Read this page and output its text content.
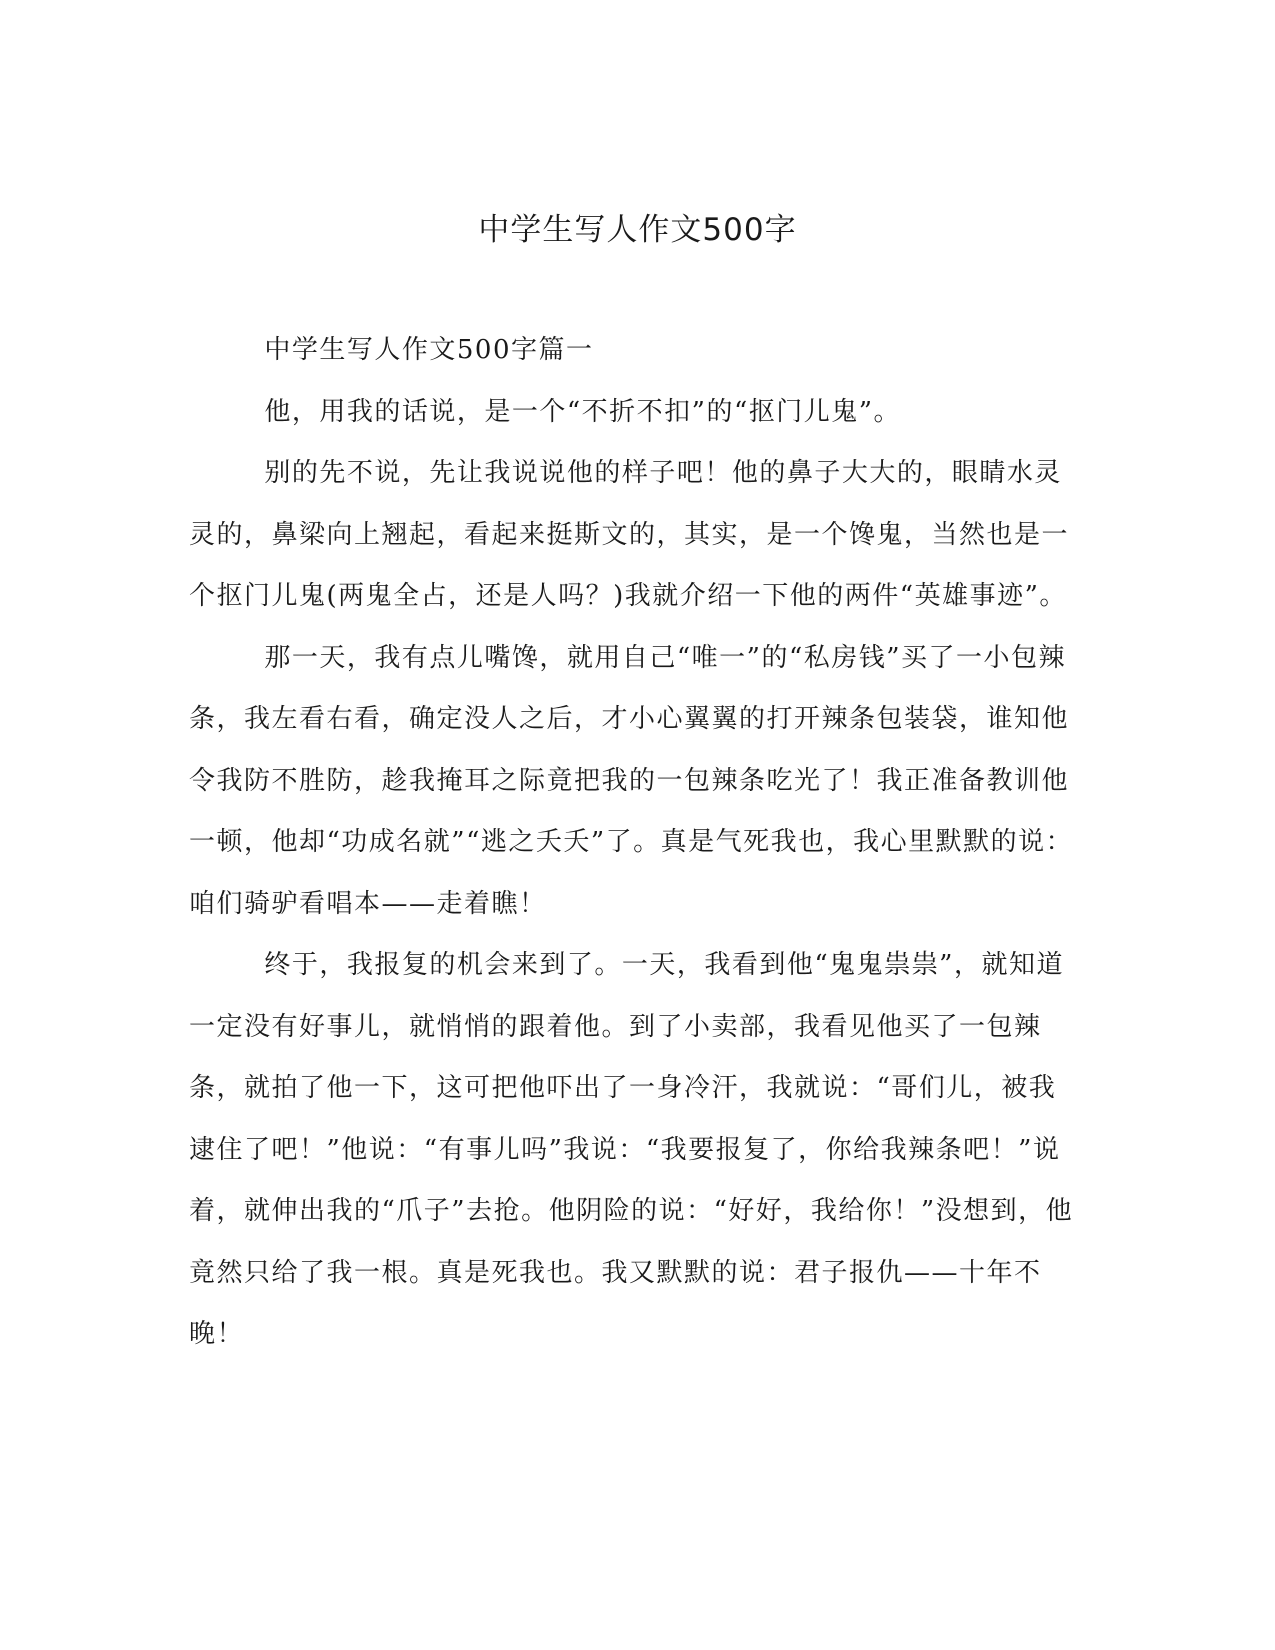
中学生写人作文500字

中学生写人作文500字篇一

他，用我的话说，是一个“不折不扣”的“抠门儿鬼”。

别的先不说，先让我说说他的样子吧！他的鼻子大大的，眼睛水灵灵的，鼻梁向上翘起，看起来挺斯文的，其实，是一个馋鬼，当然也是一个抠门儿鬼(两鬼全占，还是人吗？)我就介绍一下他的两件“英雄事迹”。

那一天，我有点儿嘴馋，就用自己“唯一”的“私房钱”买了一小包辣条，我左看右看，确定没人之后，才小心翼翼的打开辣条包装袋，谁知他令我防不胜防，趁我掩耳之际竟把我的一包辣条吃光了！我正准备教训他一顿，他却“功成名就”“逃之夭夭”了。真是气死我也，我心里默默的说：咱们骑驴看唱本——走着瞧！

终于，我报复的机会来到了。一天，我看到他“鬼鬼祟祟”，就知道一定没有好事儿，就悄悄的跟着他。到了小卖部，我看见他买了一包辣条，就拍了他一下，这可把他吓出了一身冷汗，我就说：“哥们儿，被我逮住了吧！”他说：“有事儿吗”我说：“我要报复了，你给我辣条吧！”说着，就伸出我的“爪子”去抢。他阴险的说：“好好，我给你！”没想到，他竟然只给了我一根。真是死我也。我又默默的说：君子报仇——十年不晚！
